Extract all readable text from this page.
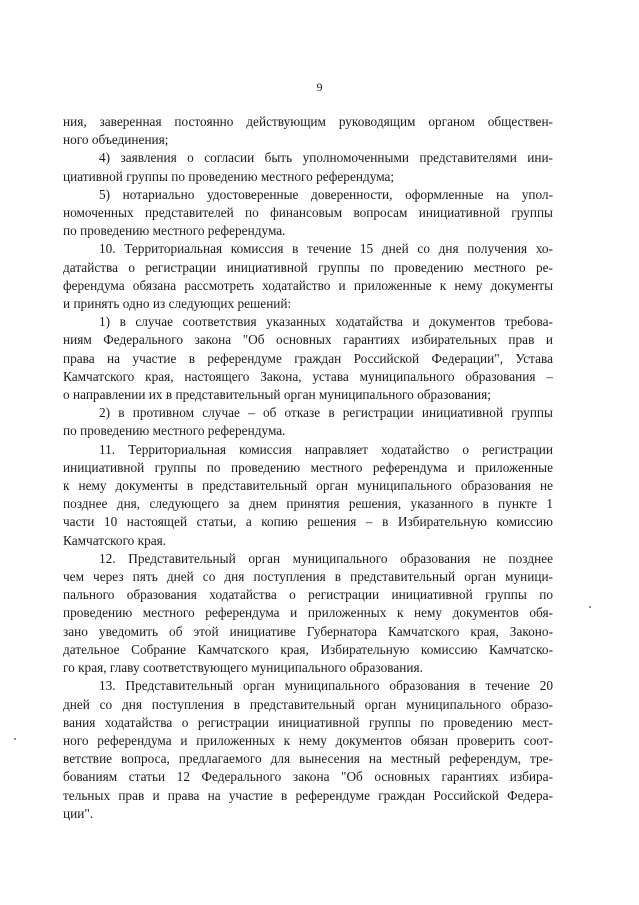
9
ния, заверенная постоянно действующим руководящим органом обществен-
ного объединения;
4) заявления о согласии быть уполномоченными представителями ини-
циативной группы по проведению местного референдума;
5) нотариально удостоверенные доверенности, оформленные на упол-
номоченных представителей по финансовым вопросам инициативной группы
по проведению местного референдума.
10. Территориальная комиссия в течение 15 дней со дня получения хо-
датайства о регистрации инициативной группы по проведению местного ре-
ферендума обязана рассмотреть ходатайство и приложенные к нему документы
и принять одно из следующих решений:
1) в случае соответствия указанных ходатайства и документов требова-
ниям Федерального закона "Об основных гарантиях избирательных прав и
права на участие в референдуме граждан Российской Федерации", Устава
Камчатского края, настоящего Закона, устава муниципального образования –
о направлении их в представительный орган муниципального образования;
2) в противном случае – об отказе в регистрации инициативной группы
по проведению местного референдума.
11. Территориальная комиссия направляет ходатайство о регистрации
инициативной группы по проведению местного референдума и приложенные
к нему документы в представительный орган муниципального образования не
позднее дня, следующего за днем принятия решения, указанного в пункте 1
части 10 настоящей статьи, а копию решения – в Избирательную комиссию
Камчатского края.
12. Представительный орган муниципального образования не позднее
чем через пять дней со дня поступления в представительный орган муници-
пального образования ходатайства о регистрации инициативной группы по
проведению местного референдума и приложенных к нему документов обя-
зано уведомить об этой инициативе Губернатора Камчатского края, Законо-
дательное Собрание Камчатского края, Избирательную комиссию Камчатско-
го края, главу соответствующего муниципального образования.
13. Представительный орган муниципального образования в течение 20
дней со дня поступления в представительный орган муниципального образо-
вания ходатайства о регистрации инициативной группы по проведению мест-
ного референдума и приложенных к нему документов обязан проверить соот-
ветствие вопроса, предлагаемого для вынесения на местный референдум, тре-
бованиям статьи 12 Федерального закона "Об основных гарантиях избира-
тельных прав и права на участие в референдуме граждан Российской Федера-
ции".
